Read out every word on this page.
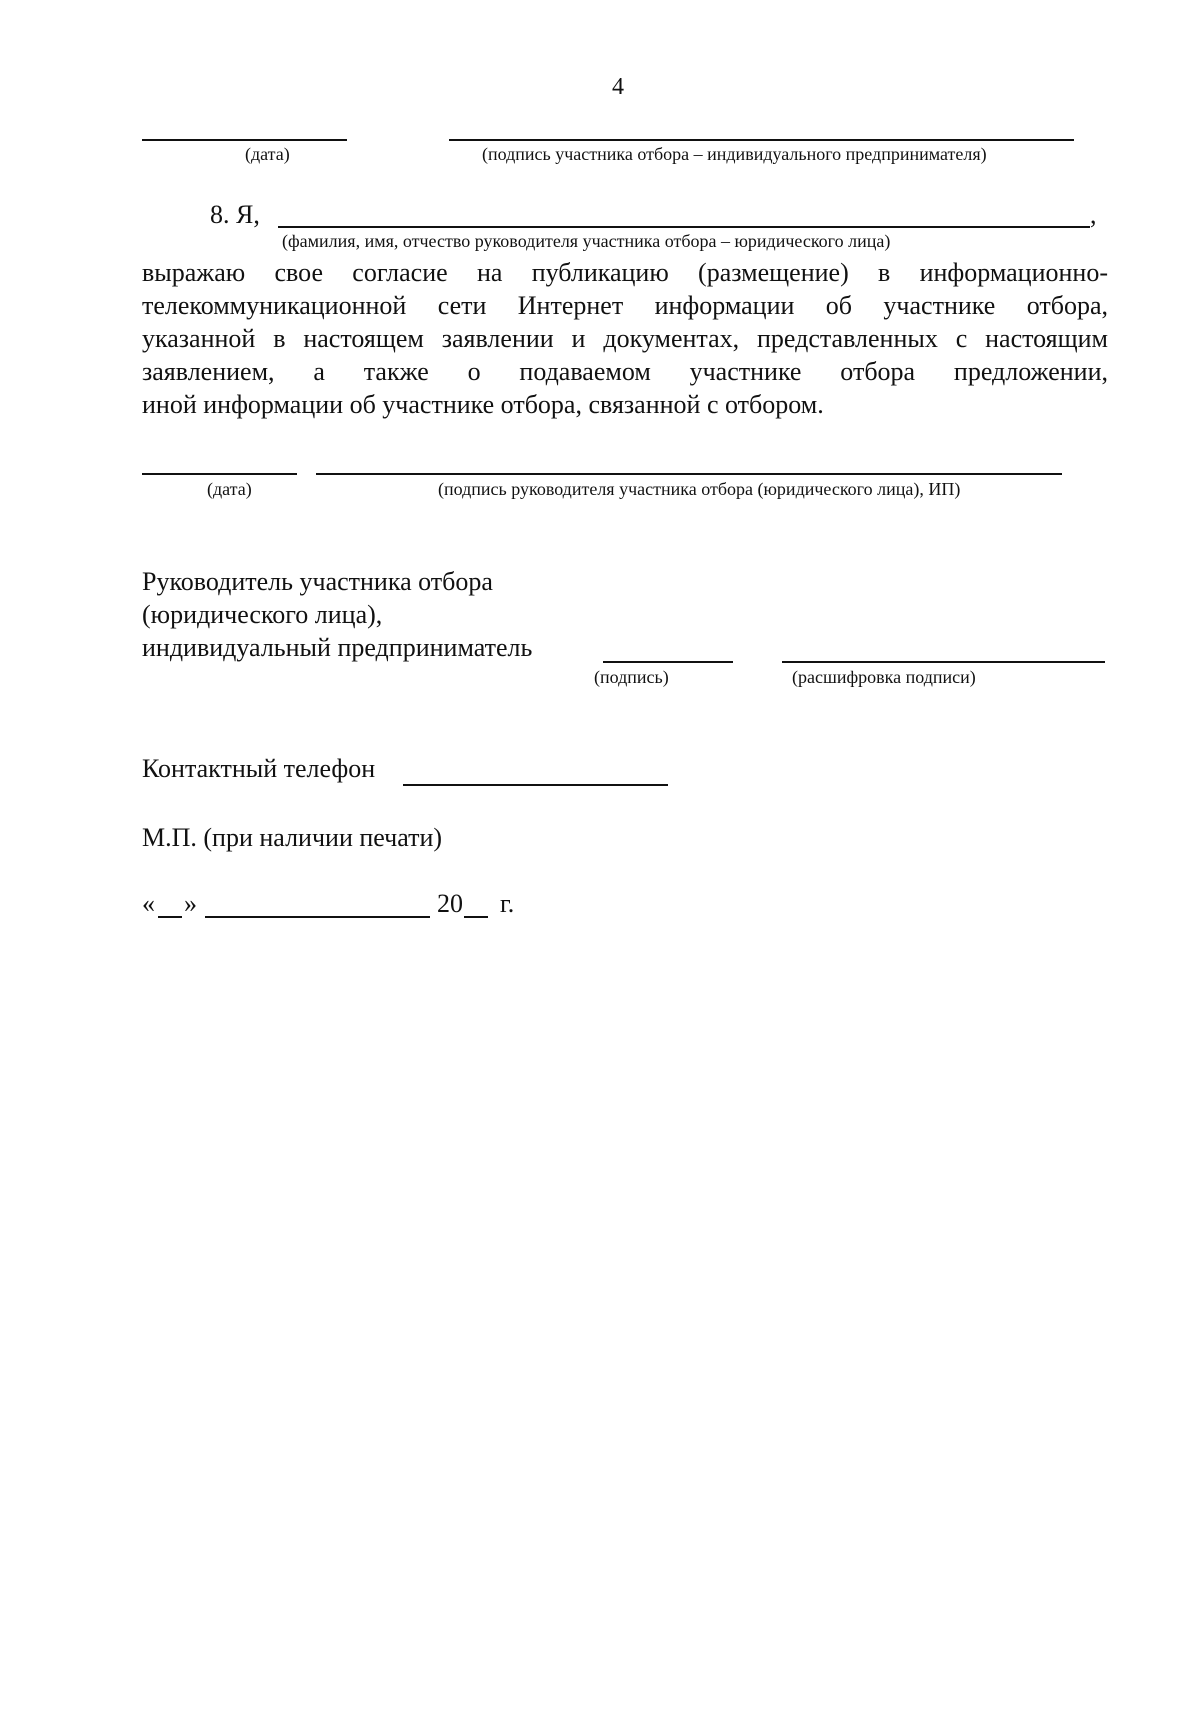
4
(дата)	(подпись участника отбора – индивидуального предпринимателя)
8. Я,	,
(фамилия, имя, отчество руководителя участника отбора – юридического лица)
выражаю свое согласие на публикацию (размещение) в информационно-
телекоммуникационной сети Интернет информации об участнике отбора,
указанной в настоящем заявлении и документах, представленных с настоящим
заявлением, а также о подаваемом участнике отбора предложении,
иной информации об участнике отбора, связанной с отбором.
(дата)	(подпись руководителя участника отбора (юридического лица), ИП)
Руководитель участника отбора
(юридического лица),
индивидуальный предприниматель
(подпись)	(расшифровка подписи)
Контактный телефон
М.П. (при наличии печати)
« »	20 г.
